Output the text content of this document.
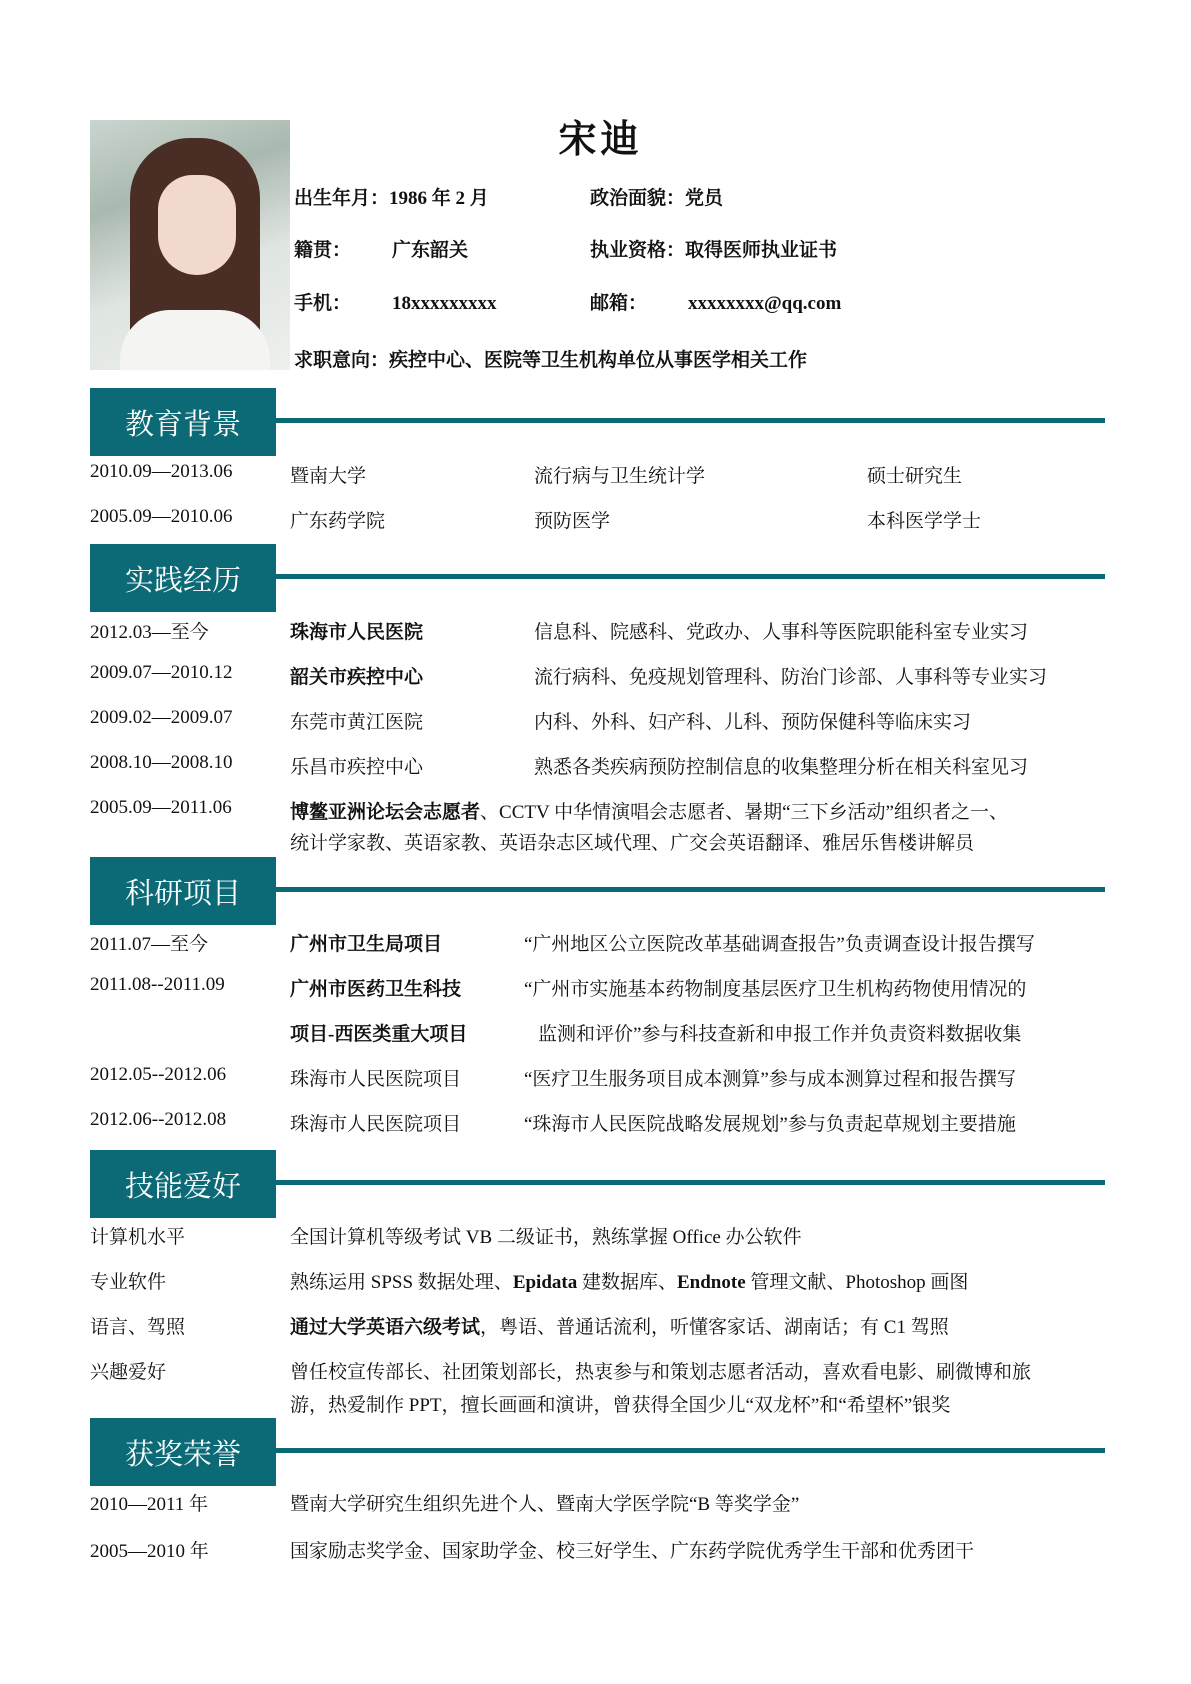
宋迪
出生年月：1986 年 2 月	政治面貌：党员
籍贯： 广东韶关	执业资格：取得医师执业证书
手机： 18xxxxxxxxx	邮箱： xxxxxxxx@qq.com
求职意向：疾控中心、医院等卫生机构单位从事医学相关工作
教育背景
2010.09—2013.06	暨南大学	流行病与卫生统计学	硕士研究生
2005.09—2010.06	广东药学院	预防医学	本科医学学士
实践经历
2012.03—至今	珠海市人民医院	信息科、院感科、党政办、人事科等医院职能科室专业实习
2009.07—2010.12	韶关市疾控中心	流行病科、免疫规划管理科、防治门诊部、人事科等专业实习
2009.02—2009.07	东莞市黄江医院	内科、外科、妇产科、儿科、预防保健科等临床实习
2008.10—2008.10	乐昌市疾控中心	熟悉各类疾病预防控制信息的收集整理分析在相关科室见习
2005.09—2011.06	博鳌亚洲论坛会志愿者、CCTV 中华情演唱会志愿者、暑期“三下乡活动”组织者之一、
统计学家教、英语家教、英语杂志区域代理、广交会英语翻译、雅居乐售楼讲解员
科研项目
2011.07—至今	广州市卫生局项目	“广州地区公立医院改革基础调查报告”负责调查设计报告撰写
2011.08--2011.09	广州市医药卫生科技	“广州市实施基本药物制度基层医疗卫生机构药物使用情况的
项目-西医类重大项目	监测和评价”参与科技查新和申报工作并负责资料数据收集
2012.05--2012.06	珠海市人民医院项目	“医疗卫生服务项目成本测算”参与成本测算过程和报告撰写
2012.06--2012.08	珠海市人民医院项目	“珠海市人民医院战略发展规划”参与负责起草规划主要措施
技能爱好
计算机水平	全国计算机等级考试 VB 二级证书，熟练掌握 Office 办公软件
专业软件	熟练运用 SPSS 数据处理、Epidata 建数据库、Endnote 管理文献、Photoshop 画图
语言、驾照	通过大学英语六级考试，粤语、普通话流利，听懂客家话、湖南话；有 C1 驾照
兴趣爱好	曾任校宣传部长、社团策划部长，热衷参与和策划志愿者活动，喜欢看电影、刷微博和旅
游，热爱制作 PPT，擅长画画和演讲，曾获得全国少儿“双龙杯”和“希望杯”银奖
获奖荣誉
2010—2011 年	暨南大学研究生组织先进个人、暨南大学医学院“B 等奖学金”
2005—2010 年	国家励志奖学金、国家助学金、校三好学生、广东药学院优秀学生干部和优秀团干
